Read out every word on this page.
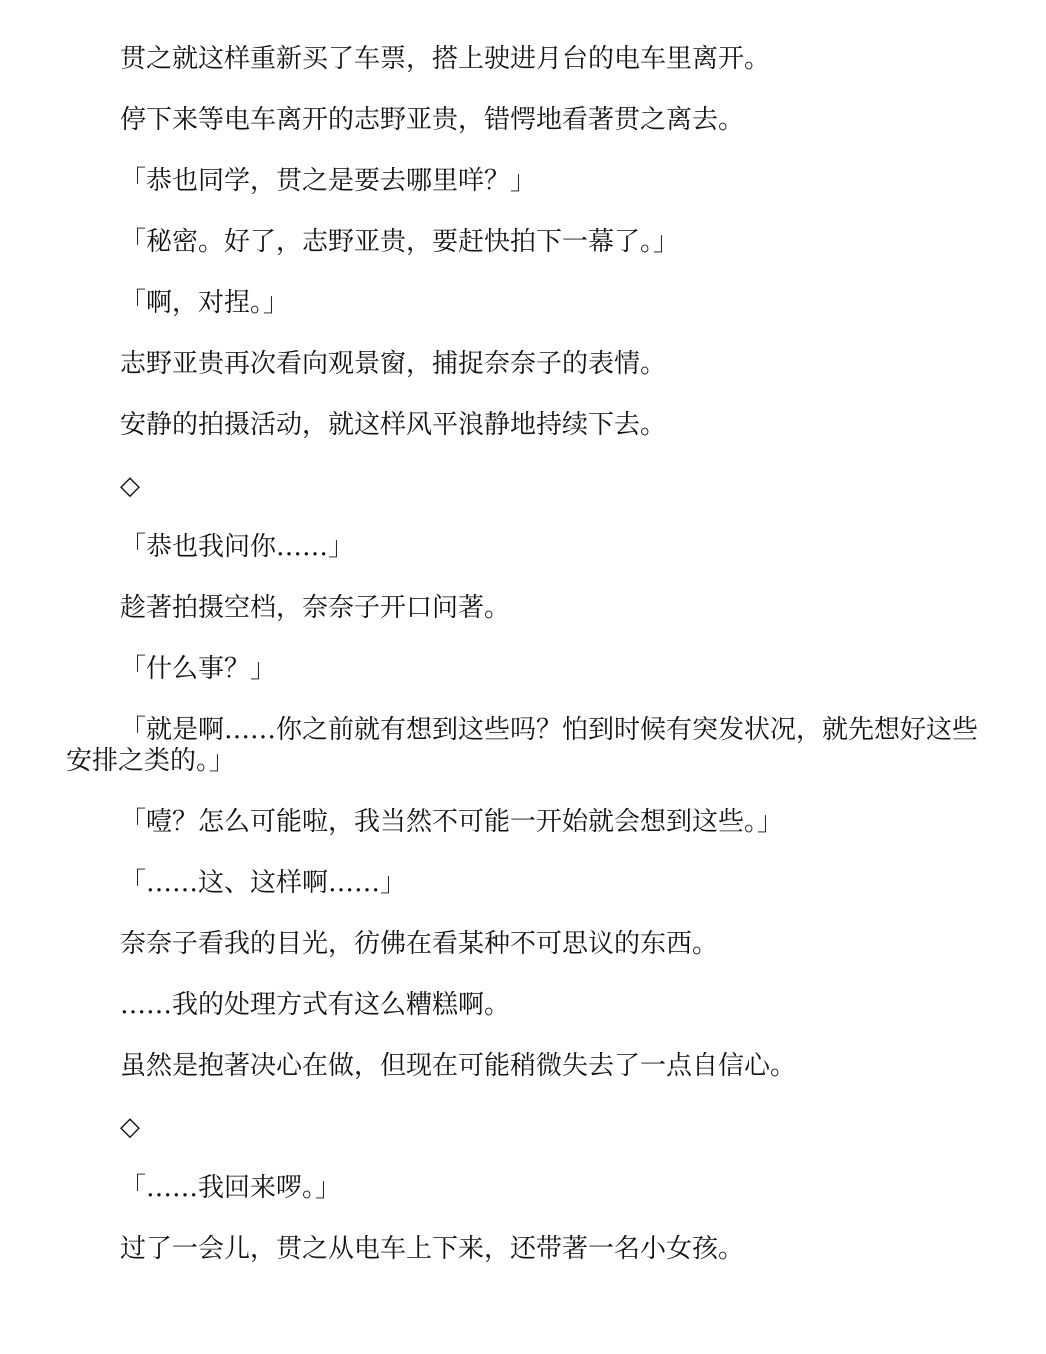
贯之就这样重新买了车票，搭上驶进月台的电车里离开。

停下来等电车离开的志野亚贵，错愕地看著贯之离去。

「恭也同学，贯之是要去哪里咩？」

「秘密。好了，志野亚贵，要赶快拍下一幕了。」

「啊，对捏。」

志野亚贵再次看向观景窗，捕捉奈奈子的表情。

安静的拍摄活动，就这样风平浪静地持续下去。

◇

「恭也我问你……」

趁著拍摄空档，奈奈子开口问著。

「什么事？」

「就是啊……你之前就有想到这些吗？怕到时候有突发状况，就先想好这些安排之类的。」

「噎？怎么可能啦，我当然不可能一开始就会想到这些。」

「……这、这样啊……」

奈奈子看我的目光，彷佛在看某种不可思议的东西。

……我的处理方式有这么糟糕啊。

虽然是抱著决心在做，但现在可能稍微失去了一点自信心。

◇

「……我回来啰。」

过了一会儿，贯之从电车上下来，还带著一名小女孩。
